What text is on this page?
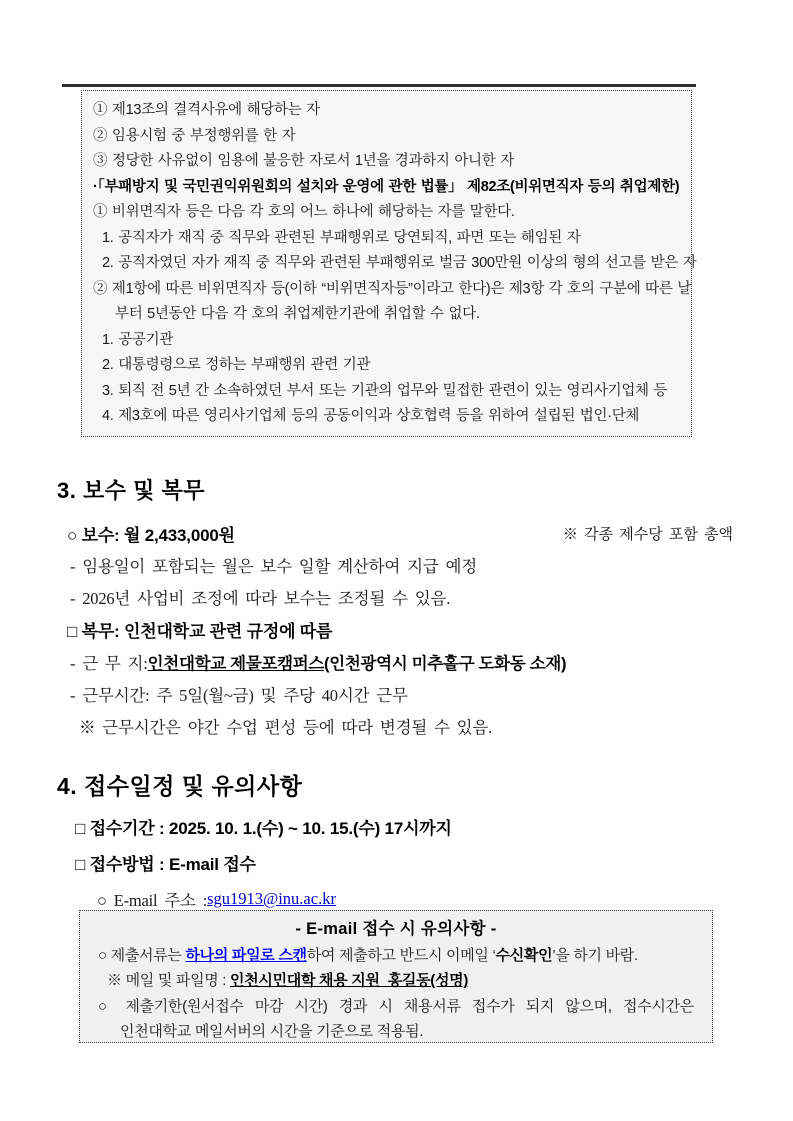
① 제13조의 결격사유에 해당하는 자
② 임용시험 중 부정행위를 한 자
③ 정당한 사유없이 임용에 불응한 자로서 1년을 경과하지 아니한 자
·「부패방지 및 국민권익위원회의 설치와 운영에 관한 법률」 제82조(비위면직자 등의 취업제한)
① 비위면직자 등은 다음 각 호의 어느 하나에 해당하는 자를 말한다.
1. 공직자가 재직 중 직무와 관련된 부패행위로 당연퇴직, 파면 또는 해임된 자
2. 공직자였던 자가 재직 중 직무와 관련된 부패행위로 벌금 300만원 이상의 형의 선고를 받은 자
② 제1항에 따른 비위면직자 등(이하 “비위면직자등”이라고 한다)은 제3항 각 호의 구분에 따른 날
부터 5년동안 다음 각 호의 취업제한기관에 취업할 수 없다.
1. 공공기관
2. 대통령령으로 정하는 부패행위 관련 기관
3. 퇴직 전 5년 간 소속하였던 부서 또는 기관의 업무와 밀접한 관련이 있는 영리사기업체 등
4. 제3호에 따른 영리사기업체 등의 공동이익과 상호협력 등을 위하여 설립된 법인·단체
3. 보수 및 복무
○ 보수: 월 2,433,000원	※ 각종 제수당 포함 총액
- 임용일이 포함되는 월은 보수 일할 계산하여 지급 예정
- 2026년 사업비 조정에 따라 보수는 조정될 수 있음.
□ 복무: 인천대학교 관련 규정에 따름
- 근 무 지: 인천대학교 제물포캠퍼스 (인천광역시 미추홀구 도화동 소재)
- 근무시간: 주 5일(월~금) 및 주당 40시간 근무
※ 근무시간은 야간 수업 편성 등에 따라 변경될 수 있음.
4. 접수일정 및 유의사항
□ 접수기간 : 2025. 10. 1.(수) ~ 10. 15.(수) 17시까지
□ 접수방법 : E-mail 접수
○ E-mail 주소 : sgu1913@inu.ac.kr
- E-mail 접수 시 유의사항 -
○ 제출서류는 하나의 파일로 스캔하여 제출하고 반드시 이메일 ‘수신확인’을 하기 바람.
※ 메일 및 파일명 : 인천시민대학 채용 지원_홍길동(성명)
○ 제출기한(원서접수 마감 시간) 경과 시 채용서류 접수가 되지 않으며, 접수시간은
인천대학교 메일서버의 시간을 기준으로 적용됨.
